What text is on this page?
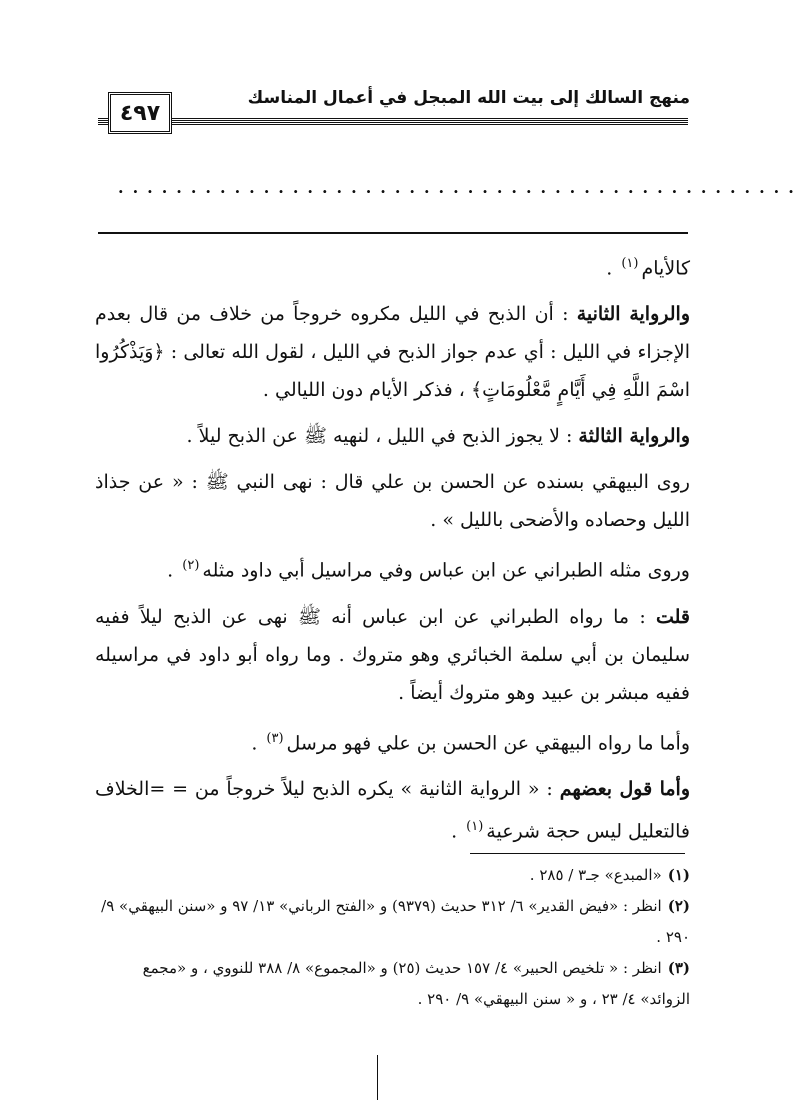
منهج السالك إلى بيت الله المبجل في أعمال المناسك
٤٩٧
...............................................

كالأيام$^{(١)}$ .

والرواية الثانية : أن الذبح في الليل مكروه خروجاً من خلاف من قال بعدم الإجزاء في الليل : أي عدم جواز الذبح في الليل ، لقول الله تعالى : ﴿وَيَذْكُرُوا اسْمَ اللَّهِ فِي أَيَّامٍ مَّعْلُومَاتٍ﴾ ، فذكر الأيام دون الليالي .

والرواية الثالثة : لا يجوز الذبح في الليل ، لنهيه ﷺ عن الذبح ليلاً .

روى البيهقي بسنده عن الحسن بن علي قال : نهى النبي ﷺ : « عن جذاذ الليل وحصاده والأضحى بالليل » .

وروى مثله الطبراني عن ابن عباس وفي مراسيل أبي داود مثله$^{(٢)}$ .

قلت : ما رواه الطبراني عن ابن عباس أنه ﷺ نهى عن الذبح ليلاً ففيه سليمان بن أبي سلمة الخبائري وهو متروك . وما رواه أبو داود في مراسيله ففيه مبشر بن عبيد وهو متروك أيضاً .

وأما ما رواه البيهقي عن الحسن بن علي فهو مرسل$^{(٣)}$ .

وأما قول بعضهم : « الرواية الثانية » يكره الذبح ليلاً خروجاً من = =الخلاف فالتعليل ليس حجة شرعية$^{(١)}$ .

(١)«المبدع» جـ٣ / ٢٨٥ .

(٢)انظر : «فيض القدير» ٦/ ٣١٢ حديث (٩٣٧٩) و «الفتح الرباني» ١٣/ ٩٧ و «سنن البيهقي» ٩/ ٢٩٠ .

(٣)انظر : « تلخيص الحبير» ٤/ ١٥٧ حديث (٢٥) و «المجموع» ٨/ ٣٨٨ للنووي ، و «مجمع الزوائد» ٤/ ٢٣ ، و « سنن البيهقي» ٩/ ٢٩٠ .
